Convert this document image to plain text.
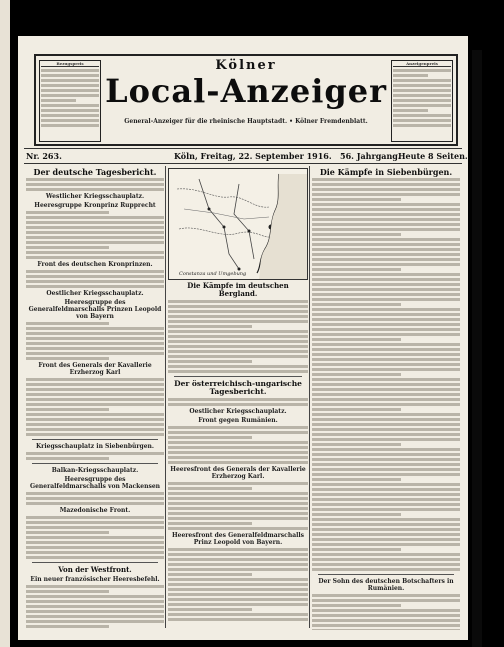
Bezugspreis	Kölner
Local-Anzeiger
General-Anzeiger für die rheinische Hauptstadt. • Kölner Fremdenblatt.
Anzeigenpreis
Nr. 263.	Köln, Freitag, 22. September 1916. 56. Jahrgang.
Heute 8 Seiten.
Der deutsche Tagesbericht.
Westlicher Kriegsschauplatz.
Heeresgruppe Kronprinz Rupprecht
Front des deutschen Kronprinzen.
Oestlicher Kriegsschauplatz.
Heeresgruppe des Generalfeldmarschalls Prinzen Leopold von Bayern
Front des Generals der Kavallerie Erzherzog Karl
Kriegsschauplatz in Siebenbürgen.
Balkan-Kriegsschauplatz.
Heeresgruppe des Generalfeldmarschalls von Mackensen
Mazedonische Front.
Von der Westfront.
Ein neuer französischer Heeresbefehl.
Constanza und Umgebung
Die Kämpfe im deutschen Bergland.
Der österreichisch-ungarische Tagesbericht.
Oestlicher Kriegsschauplatz.
Front gegen Rumänien.
Heeresfront des Generals der Kavallerie Erzherzog Karl.
Heeresfront des Generalfeldmarschalls Prinz Leopold von Bayern.
Die Kämpfe in Siebenbürgen.
Der Sohn des deutschen Botschafters in Rumänien.
